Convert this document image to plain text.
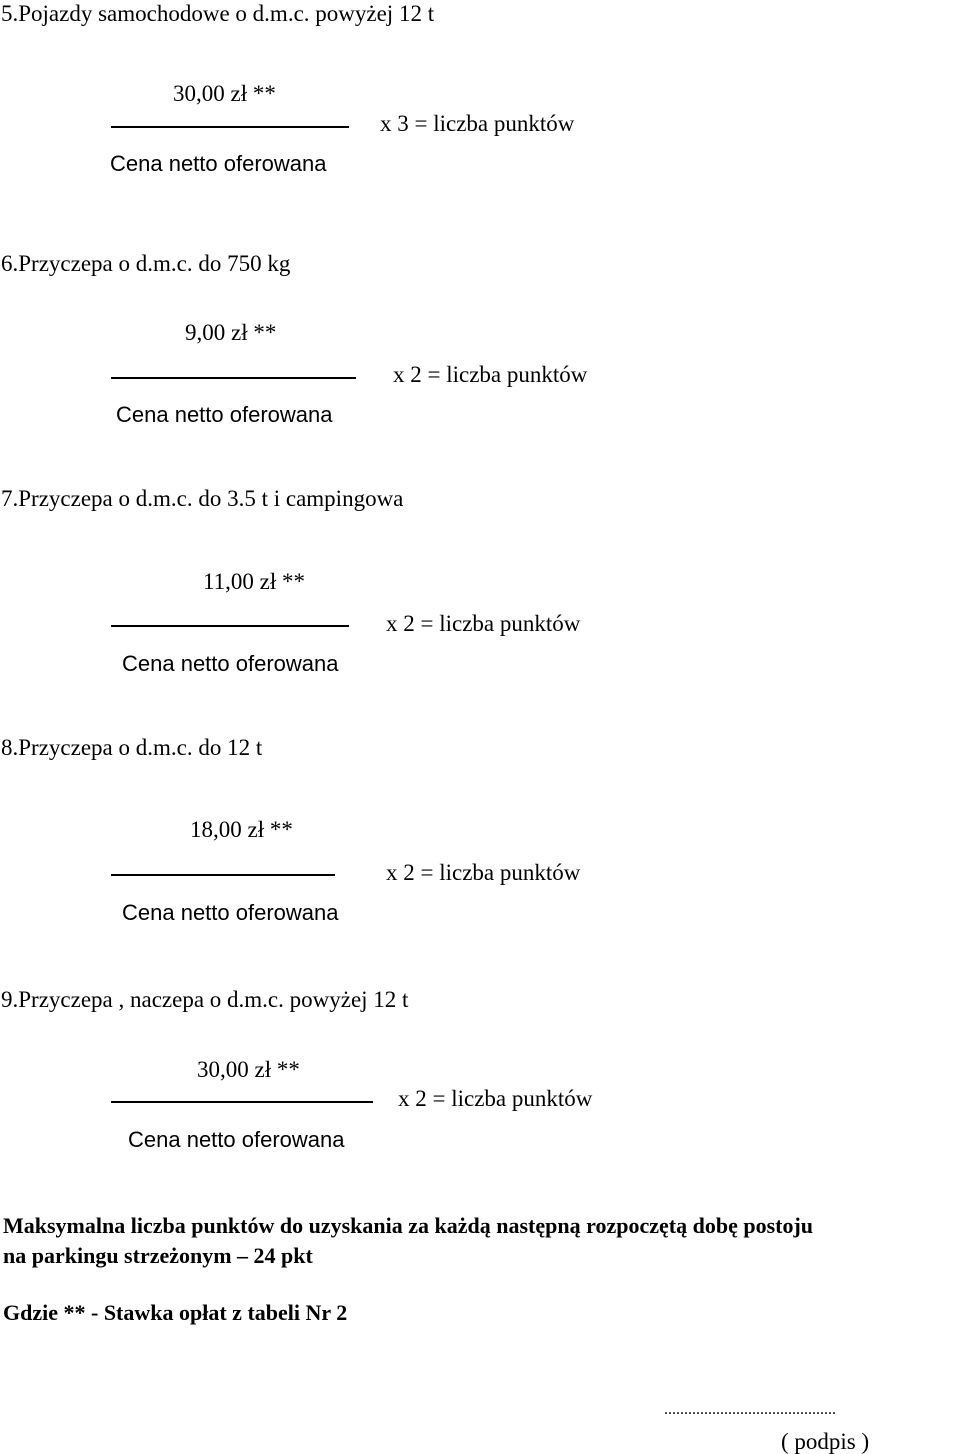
5.Pojazdy samochodowe o d.m.c. powyżej 12 t
30,00 zł **
x 3 = liczba punktów
Cena netto oferowana
6.Przyczepa o d.m.c. do 750 kg
9,00 zł **
x 2 = liczba punktów
Cena netto oferowana
7.Przyczepa o d.m.c. do 3.5 t i campingowa
11,00 zł **
x 2 = liczba punktów
Cena netto oferowana
8.Przyczepa o d.m.c. do 12 t
18,00 zł **
x 2 = liczba punktów
Cena netto oferowana
9.Przyczepa , naczepa o d.m.c. powyżej 12 t
30,00 zł **
x 2 = liczba punktów
Cena netto oferowana
Maksymalna liczba punktów do uzyskania za każdą następną rozpoczętą dobę postoju
na parkingu strzeżonym – 24 pkt
Gdzie ** - Stawka opłat z tabeli Nr 2
...........................................
( podpis )
